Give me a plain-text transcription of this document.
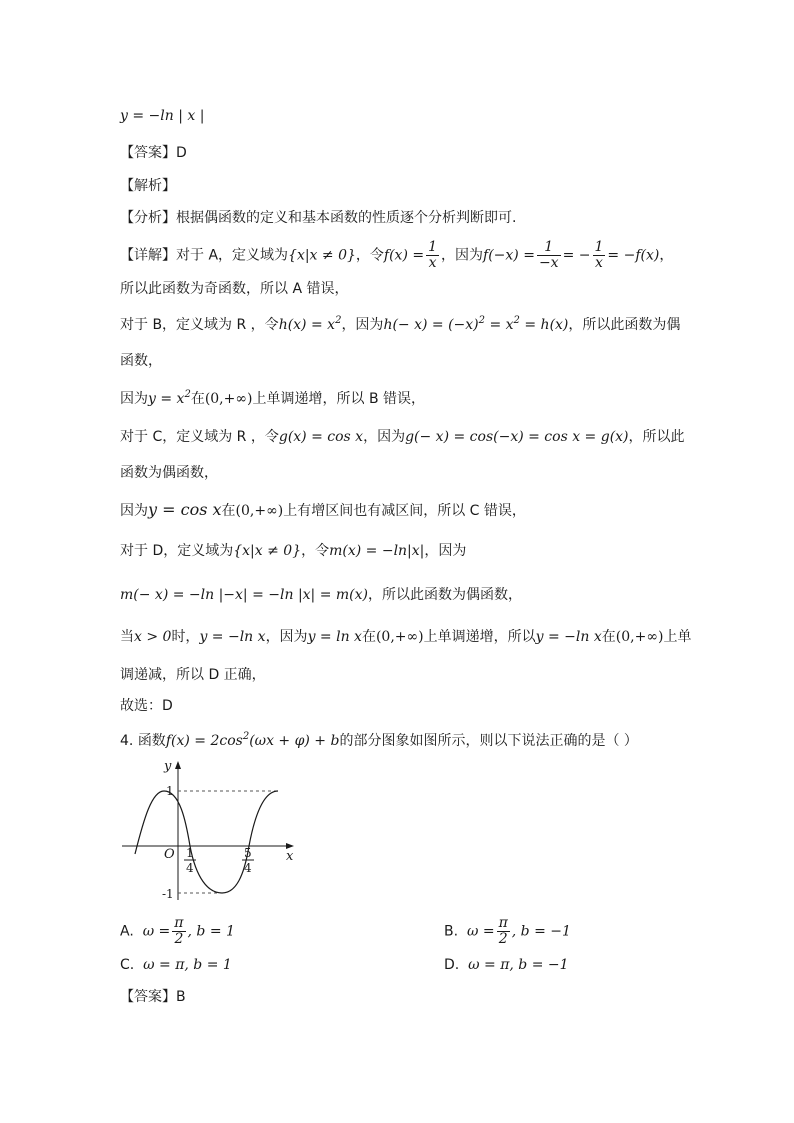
y = −ln | x |
【答案】D
【解析】
【分析】根据偶函数的定义和基本函数的性质逐个分析判断即可.
【详解】对于 A，定义域为{x|x ≠ 0}，令$f(x) = \frac{1}{x}$ ，因为$f(-x) = \frac{1}{-x}$ = − $\frac{1}{x} = -f(x)$，
所以此函数为奇函数，所以 A 错误，
对于 B，定义域为 R ，令$h(x) = x^2$，因为$h(- x) = (-x)^2 = x^2 = h(x)$，所以此函数为偶
函数，
因为$y = x^2$在(0,+∞)上单调递增，所以 B 错误，
对于 C，定义域为 R ，令g(x) = cos x，因为g(− x) = cos(−x) = cos x = g(x)，所以此
函数为偶函数，
因为y = cos x在(0,+∞)上有增区间也有减区间，所以 C 错误，
对于 D，定义域为{x|x ≠ 0}，令m(x) = −ln|x|，因为
m(− x) = −ln |−x| = −ln |x| = m(x)，所以此函数为偶函数，
当x > 0时，y = −ln x，因为y = ln x在(0,+∞)上单调递增，所以y = −ln x在(0,+∞)上单
调递减，所以 D 正确，
故选：D
4. 函数$f(x) = 2\cos^2(\omega x + \varphi) + b$的部分图象如图所示，则以下说法正确的是（ ）
y
x
O
1
-1
1
4
5
4
A. $\omega = \frac{\pi}{2}$ , b = 1	B. $\omega = \frac{\pi}{2}$ , b = −1
C. ω = π, b = 1	D. ω = π, b = −1
【答案】B
